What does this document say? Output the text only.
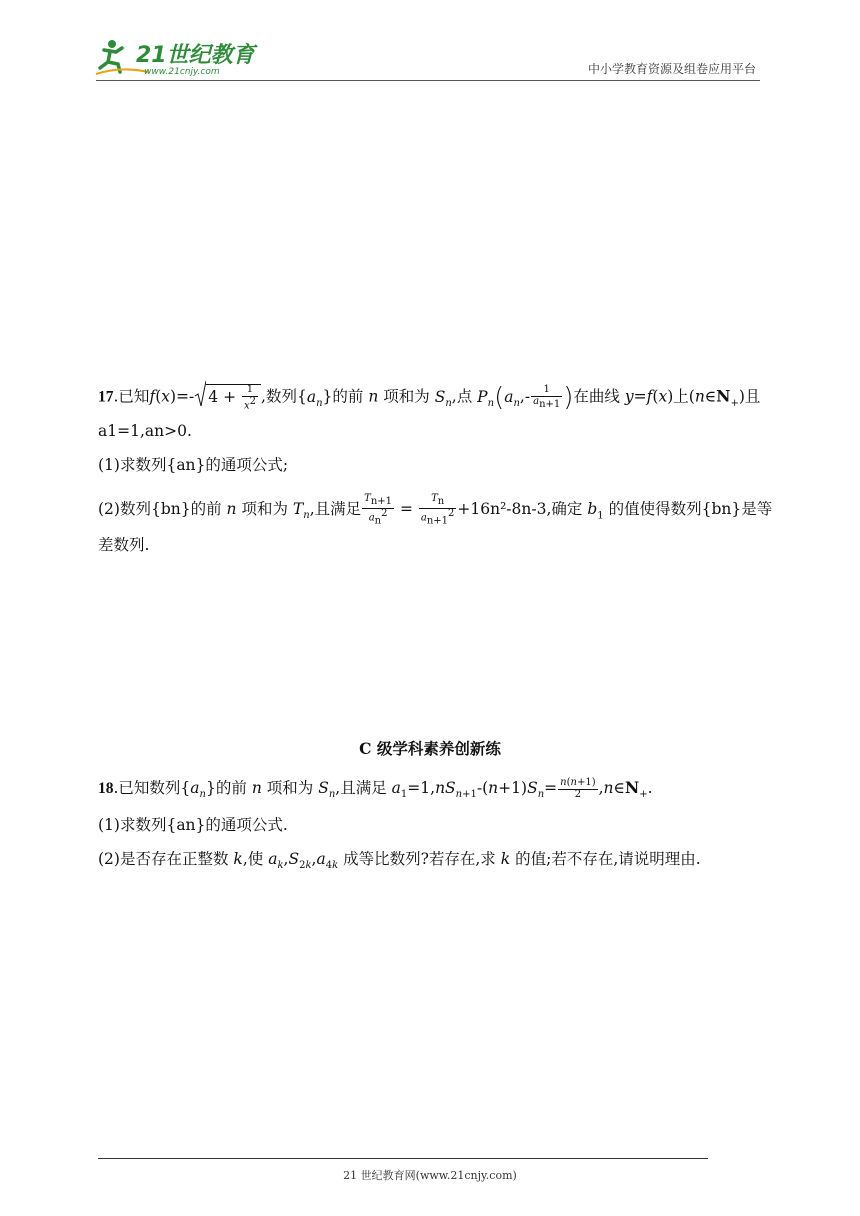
21世纪教育
www.21cnjy.com	中小学教育资源及组卷应用平台
17.已知f(x)=- $4 + \frac{1}{x^2}$ ,数列$\{a_n\}$的前 n 项和为 $S_n$,点 $P_n(a_n,- \frac{1}{a_{n+1}}$ )在曲线 y=f(x)上$(n\in N_+)$且
a1=1,an>0.
(1)求数列{an}的通项公式;
(2)数列{bn}的前 n 项和为 $T_n$,且满足 $\frac{T_{n+1}}{a_n^2} = \frac{T_n}{a_{n+1}^2} +16n^2-8n-3$,确定 $b_1$ 的值使得数列{bn}是等
差数列.
C 级学科素养创新练
18.已知数列$\{a_n\}$的前 n 项和为 $S_n$,且满足 $a_1=1,nS_{n+1}-(n+1)S_n= \frac{n(n+1)}{2}$ $,n\in N_+$.
(1)求数列{an}的通项公式.
(2)是否存在正整数 k,使 $a_k,S_{2k},a_{4k}$ 成等比数列?若存在,求 k 的值;若不存在,请说明理由.
21 世纪教育网(www.21cnjy.com)
